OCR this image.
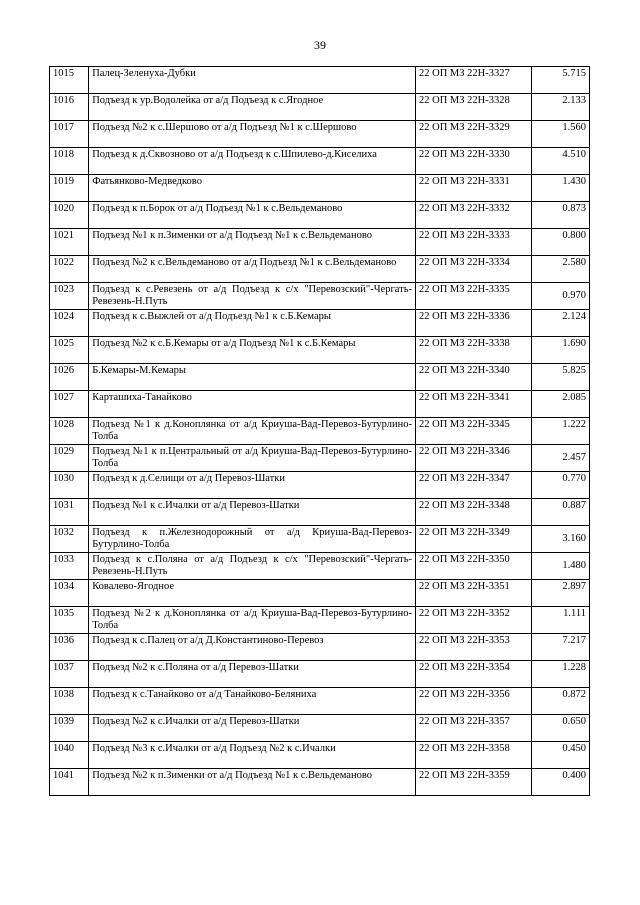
39
1015	Палец-Зеленуха-Дубки	22 ОП МЗ 22Н-3327	5.715
1016	Подъезд к ур.Водолейка от а/д Подъезд к с.Ягодное	22 ОП МЗ 22Н-3328	2.133
1017	Подъезд №2 к с.Шершово от а/д Подъезд №1 к с.Шершово	22 ОП МЗ 22Н-3329	1.560
1018	Подъезд к д.Сквозново от а/д Подъезд к с.Шпилево-д.Киселиха	22 ОП МЗ 22Н-3330	4.510
1019	Фатьянково-Медведково	22 ОП МЗ 22Н-3331	1.430
1020	Подъезд к п.Борок от а/д Подъезд №1 к с.Вельдеманово	22 ОП МЗ 22Н-3332	0.873
1021	Подъезд №1 к п.Зименки от а/д Подъезд №1 к с.Вельдеманово	22 ОП МЗ 22Н-3333	0.800
1022	Подъезд №2 к с.Вельдеманово от а/д Подъезд №1 к с.Вельдеманово	22 ОП МЗ 22Н-3334	2.580
1023	Подъезд к с.Ревезень от а/д Подъезд к с/х "Перевозский"-Чергать-Ревезень-Н.Путь	22 ОП МЗ 22Н-3335	0.970
1024	Подъезд к с.Выжлей от а/д Подъезд №1 к с.Б.Кемары	22 ОП МЗ 22Н-3336	2.124
1025	Подъезд №2 к с.Б.Кемары от а/д Подъезд №1 к с.Б.Кемары	22 ОП МЗ 22Н-3338	1.690
1026	Б.Кемары-М.Кемары	22 ОП МЗ 22Н-3340	5.825
1027	Карташиха-Танайково	22 ОП МЗ 22Н-3341	2.085
1028	Подъезд №1 к д.Коноплянка от а/д Криуша-Вад-Перевоз-Бутурлино-Толба	22 ОП МЗ 22Н-3345	1.222
1029	Подъезд №1 к п.Центральный от а/д Криуша-Вад-Перевоз-Бутурлино-Толба	22 ОП МЗ 22Н-3346	2.457
1030	Подъезд к д.Селищи от а/д Перевоз-Шатки	22 ОП МЗ 22Н-3347	0.770
1031	Подъезд №1 к с.Ичалки от а/д Перевоз-Шатки	22 ОП МЗ 22Н-3348	0.887
1032	Подъезд к п.Железнодорожный от а/д Криуша-Вад-Перевоз-Бутурлино-Толба	22 ОП МЗ 22Н-3349	3.160
1033	Подъезд к с.Поляна от а/д Подъезд к с/х "Перевозский"-Чергать-Ревезень-Н.Путь	22 ОП МЗ 22Н-3350	1.480
1034	Ковалево-Ягодное	22 ОП МЗ 22Н-3351	2.897
1035	Подъезд №2 к д.Коноплянка от а/д Криуша-Вад-Перевоз-Бутурлино-Толба	22 ОП МЗ 22Н-3352	1.111
1036	Подъезд к с.Палец от а/д Д.Константиново-Перевоз	22 ОП МЗ 22Н-3353	7.217
1037	Подъезд №2 к с.Поляна от а/д Перевоз-Шатки	22 ОП МЗ 22Н-3354	1.228
1038	Подъезд к с.Танайково от а/д Танайково-Беляниха	22 ОП МЗ 22Н-3356	0.872
1039	Подъезд №2 к с.Ичалки от а/д Перевоз-Шатки	22 ОП МЗ 22Н-3357	0.650
1040	Подъезд №3 к с.Ичалки от а/д Подъезд №2 к с.Ичалки	22 ОП МЗ 22Н-3358	0.450
1041	Подъезд №2 к п.Зименки от а/д Подъезд №1 к с.Вельдеманово	22 ОП МЗ 22Н-3359	0.400
